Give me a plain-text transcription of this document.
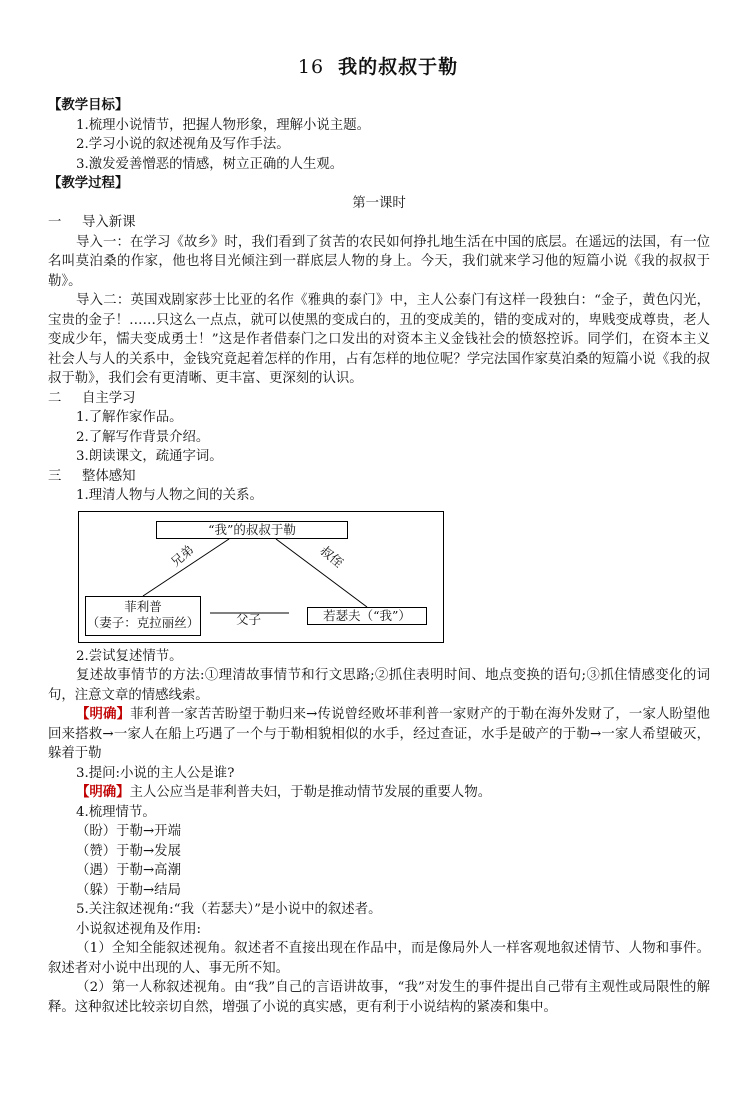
16 我的叔叔于勒

【教学目标】

1.梳理小说情节，把握人物形象，理解小说主题。

2.学习小说的叙述视角及写作手法。

3.激发爱善憎恶的情感，树立正确的人生观。

【教学过程】

第一课时

一 导入新课

导入一：在学习《故乡》时，我们看到了贫苦的农民如何挣扎地生活在中国的底层。在遥远的法国，有一位名叫莫泊桑的作家，他也将目光倾注到一群底层人物的身上。今天，我们就来学习他的短篇小说《我的叔叔于勒》。

导入二：英国戏剧家莎士比亚的名作《雅典的泰门》中，主人公泰门有这样一段独白：“金子，黄色闪光，宝贵的金子！……只这么一点点，就可以使黑的变成白的，丑的变成美的，错的变成对的，卑贱变成尊贵，老人变成少年，懦夫变成勇士！”这是作者借泰门之口发出的对资本主义金钱社会的愤怒控诉。同学们，在资本主义社会人与人的关系中，金钱究竟起着怎样的作用，占有怎样的地位呢？学完法国作家莫泊桑的短篇小说《我的叔叔于勒》，我们会有更清晰、更丰富、更深刻的认识。

二 自主学习

1.了解作家作品。

2.了解写作背景介绍。

3.朗读课文，疏通字词。

三 整体感知

1.理清人物与人物之间的关系。

“我”的叔叔于勒
菲利普
（妻子：克拉丽丝）	若瑟夫（“我”）
兄弟	叔侄
父子

2.尝试复述情节。

复述故事情节的方法:①理清故事情节和行文思路;②抓住表明时间、地点变换的语句;③抓住情感变化的词句，注意文章的情感线索。

【明确】菲利普一家苦苦盼望于勒归来→传说曾经败坏菲利普一家财产的于勒在海外发财了，一家人盼望他回来搭救→一家人在船上巧遇了一个与于勒相貌相似的水手，经过查证，水手是破产的于勒→一家人希望破灭，躲着于勒

3.提问:小说的主人公是谁?

【明确】主人公应当是菲利普夫妇，于勒是推动情节发展的重要人物。

4.梳理情节。

（盼）于勒→开端

（赞）于勒→发展

（遇）于勒→高潮

（躲）于勒→结局

5.关注叙述视角:“我（若瑟夫）”是小说中的叙述者。

小说叙述视角及作用:

（1）全知全能叙述视角。叙述者不直接出现在作品中，而是像局外人一样客观地叙述情节、人物和事件。叙述者对小说中出现的人、事无所不知。

（2）第一人称叙述视角。由“我”自己的言语讲故事，“我”对发生的事件提出自己带有主观性或局限性的解释。这种叙述比较亲切自然，增强了小说的真实感，更有利于小说结构的紧凑和集中。
